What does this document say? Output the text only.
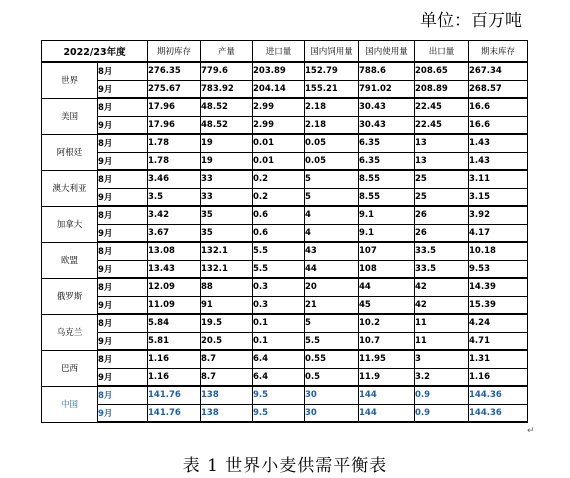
单位：百万吨
2022/23年度		期初库存	产量	进口量	国内饲用量	国内使用量	出口量	期末库存
世界	8月	276.35	779.6	203.89	152.79	788.6	208.65	267.34
	9月	275.67	783.92	204.14	155.21	791.02	208.89	268.57
美国	8月	17.96	48.52	2.99	2.18	30.43	22.45	16.6
	9月	17.96	48.52	2.99	2.18	30.43	22.45	16.6
阿根廷	8月	1.78	19	0.01	0.05	6.35	13	1.43
	9月	1.78	19	0.01	0.05	6.35	13	1.43
澳大利亚	8月	3.46	33	0.2	5	8.55	25	3.11
	9月	3.5	33	0.2	5	8.55	25	3.15
加拿大	8月	3.42	35	0.6	4	9.1	26	3.92
	9月	3.67	35	0.6	4	9.1	26	4.17
欧盟	8月	13.08	132.1	5.5	43	107	33.5	10.18
	9月	13.43	132.1	5.5	44	108	33.5	9.53
俄罗斯	8月	12.09	88	0.3	20	44	42	14.39
	9月	11.09	91	0.3	21	45	42	15.39
乌克兰	8月	5.84	19.5	0.1	5	10.2	11	4.24
	9月	5.81	20.5	0.1	5.5	10.7	11	4.71
巴西	8月	1.16	8.7	6.4	0.55	11.95	3	1.31
	9月	1.16	8.7	6.4	0.5	11.9	3.2	1.16
中国	8月	141.76	138	9.5	30	144	0.9	144.36
	9月	141.76	138	9.5	30	144	0.9	144.36
↵
表 1 世界小麦供需平衡表
